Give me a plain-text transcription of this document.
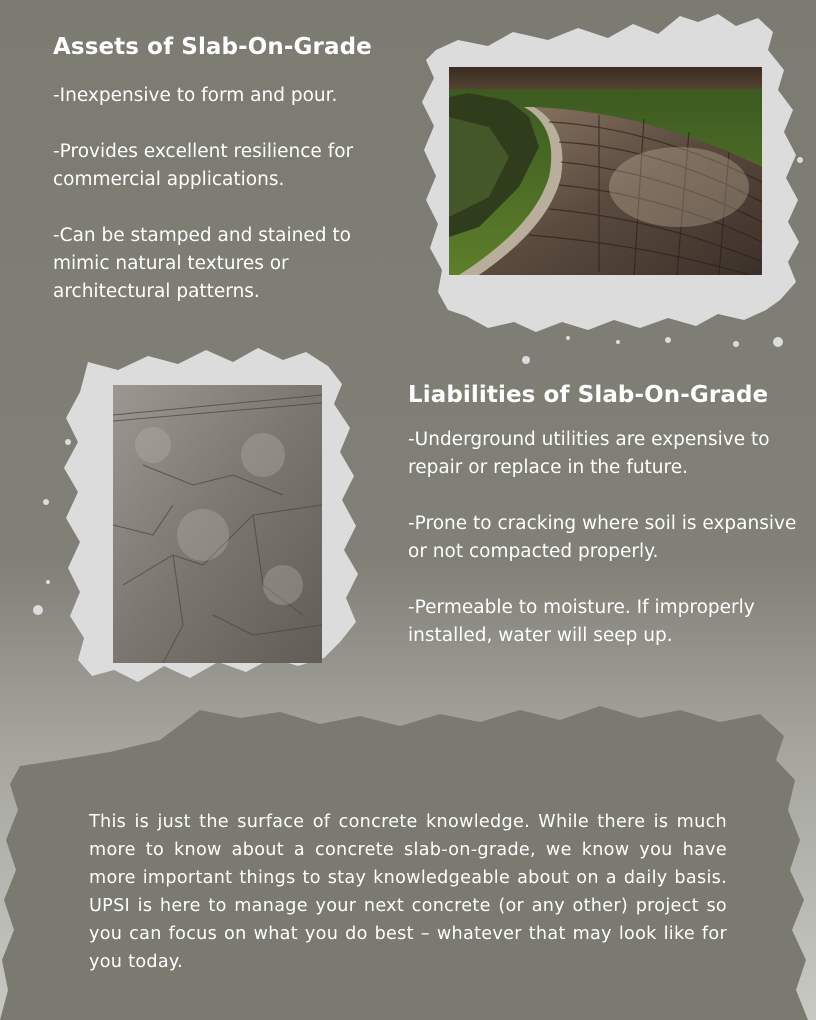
Assets of Slab-On-Grade

-Inexpensive to form and pour.

-Provides excellent resilience for commercial applications.

-Can be stamped and stained to mimic natural textures or architectural patterns.

Liabilities of Slab-On-Grade

-Underground utilities are expensive to repair or replace in the future.

-Prone to cracking where soil is expansive or not compacted properly.

-Permeable to moisture. If improperly installed, water will seep up.

This is just the surface of concrete knowledge. While there is much more to know about a concrete slab-on-grade, we know you have more important things to stay knowledgeable about on a daily basis. UPSI is here to manage your next concrete (or any other) project so you can focus on what you do best – whatever that may look like for you today.
